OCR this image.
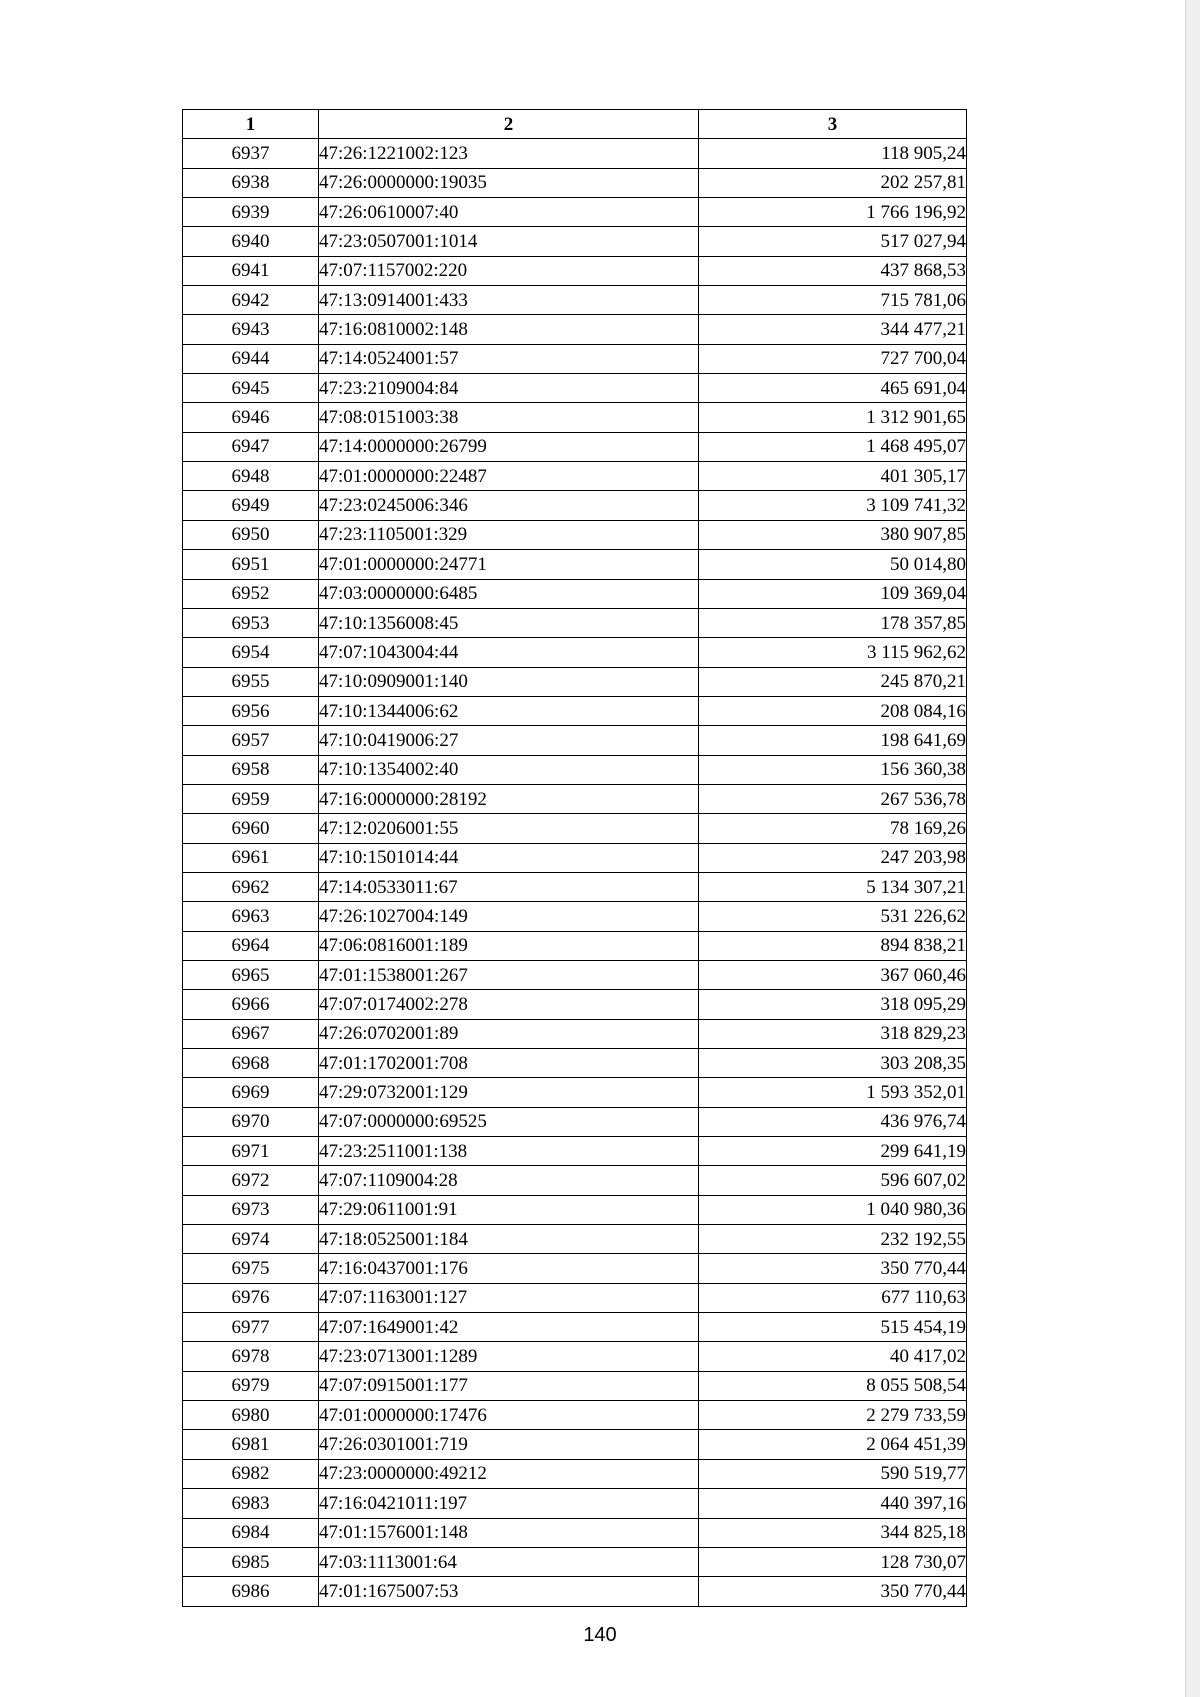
1	2	3
6937	47:26:1221002:123	118 905,24
6938	47:26:0000000:19035	202 257,81
6939	47:26:0610007:40	1 766 196,92
6940	47:23:0507001:1014	517 027,94
6941	47:07:1157002:220	437 868,53
6942	47:13:0914001:433	715 781,06
6943	47:16:0810002:148	344 477,21
6944	47:14:0524001:57	727 700,04
6945	47:23:2109004:84	465 691,04
6946	47:08:0151003:38	1 312 901,65
6947	47:14:0000000:26799	1 468 495,07
6948	47:01:0000000:22487	401 305,17
6949	47:23:0245006:346	3 109 741,32
6950	47:23:1105001:329	380 907,85
6951	47:01:0000000:24771	50 014,80
6952	47:03:0000000:6485	109 369,04
6953	47:10:1356008:45	178 357,85
6954	47:07:1043004:44	3 115 962,62
6955	47:10:0909001:140	245 870,21
6956	47:10:1344006:62	208 084,16
6957	47:10:0419006:27	198 641,69
6958	47:10:1354002:40	156 360,38
6959	47:16:0000000:28192	267 536,78
6960	47:12:0206001:55	78 169,26
6961	47:10:1501014:44	247 203,98
6962	47:14:0533011:67	5 134 307,21
6963	47:26:1027004:149	531 226,62
6964	47:06:0816001:189	894 838,21
6965	47:01:1538001:267	367 060,46
6966	47:07:0174002:278	318 095,29
6967	47:26:0702001:89	318 829,23
6968	47:01:1702001:708	303 208,35
6969	47:29:0732001:129	1 593 352,01
6970	47:07:0000000:69525	436 976,74
6971	47:23:2511001:138	299 641,19
6972	47:07:1109004:28	596 607,02
6973	47:29:0611001:91	1 040 980,36
6974	47:18:0525001:184	232 192,55
6975	47:16:0437001:176	350 770,44
6976	47:07:1163001:127	677 110,63
6977	47:07:1649001:42	515 454,19
6978	47:23:0713001:1289	40 417,02
6979	47:07:0915001:177	8 055 508,54
6980	47:01:0000000:17476	2 279 733,59
6981	47:26:0301001:719	2 064 451,39
6982	47:23:0000000:49212	590 519,77
6983	47:16:0421011:197	440 397,16
6984	47:01:1576001:148	344 825,18
6985	47:03:1113001:64	128 730,07
6986	47:01:1675007:53	350 770,44
140
